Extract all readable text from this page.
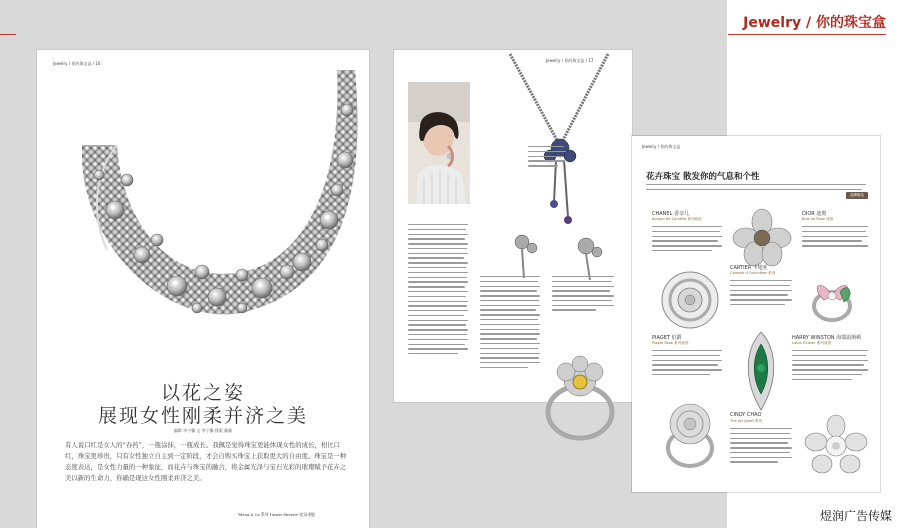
Jewelry / 你的珠宝盒
Jewelry / 你的珠宝盒 / 16
以花之姿
展现女性刚柔并济之美
编辑 李宁馨 文 李宁馨 排版 戴颖
有人说口红是女人的“春药”，一瓶涂抹，一瓶成长。我佩是觉得珠宝更能体现女性的成长，相比口红，珠宝更珍贵，只有女性独立自主到一定阶段，才会自购买珠宝上获取更大的自由度。珠宝是一种态度表达，是女性力量的一种象征，而花卉与珠宝的融合，将金属光泽与宝石光彩的璀璨赋予花卉之美以新的生命力，你确是现这女性刚柔并济之美。
“Maua & Co 系列 Flower Reverie”花朵项链
Jewelry / 你的珠宝盒 / 17
Jewelry / 你的珠宝盒
花卉珠宝 散发你的气息和个性
品牌精选
CHANEL 香奈儿
Bouton de Camélia 系列戒指
DIOR 迪奥
Bois de Rose 戒指
CARTIER 卡地亚
Caresse d’Orchidées 系列
PIAGET 伯爵
Piaget Rose 系列戒指
HARRY WINSTON 海瑞温斯顿
Lotus Cluster 系列戒指
CINDY CHAO
The Art Jewel 系列
煜润广告传媒
